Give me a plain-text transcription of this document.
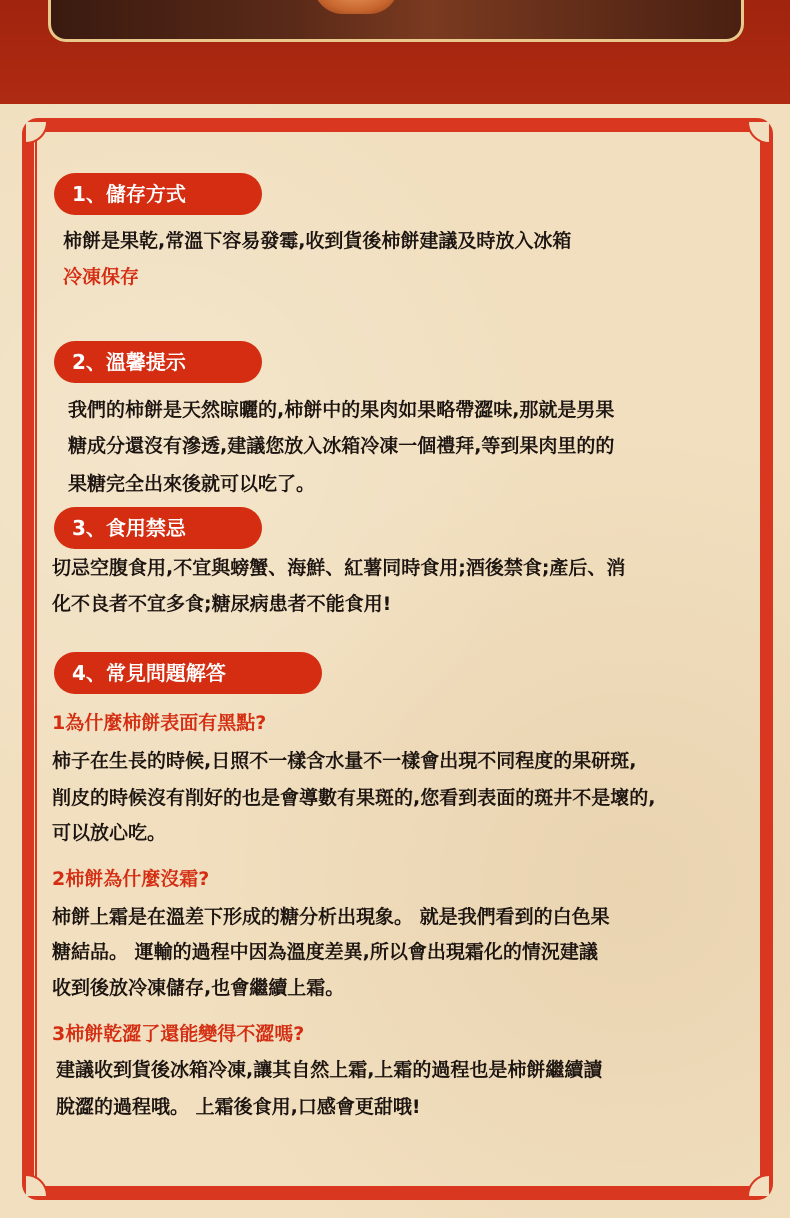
1、儲存方式
柿餅是果乾,常溫下容易發霉,收到貨後柿餅建議及時放入冰箱
冷凍保存
2、溫馨提示
我們的柿餅是天然晾曬的,柿餅中的果肉如果略帶澀味,那就是男果
糖成分還沒有滲透,建議您放入冰箱冷凍一個禮拜,等到果肉里的的
果糖完全出來後就可以吃了。
3、食用禁忌
切忌空腹食用,不宜與螃蟹、海鮮、紅薯同時食用;酒後禁食;產后、消
化不良者不宜多食;糖尿病患者不能食用!
4、常見問題解答
1為什麼柿餅表面有黑點?
柿子在生長的時候,日照不一樣含水量不一樣會出現不同程度的果研斑,
削皮的時候沒有削好的也是會導數有果斑的,您看到表面的斑井不是壞的,
可以放心吃。
2柿餅為什麼沒霜?
柿餅上霜是在溫差下形成的糖分析出現象。 就是我們看到的白色果
糖結品。 運輸的過程中因為溫度差異,所以會出現霜化的情況建議
收到後放冷凍儲存,也會繼續上霜。
3柿餅乾澀了還能變得不澀嗎?
建議收到貨後冰箱冷凍,讓其自然上霜,上霜的過程也是柿餅繼續讀
脫澀的過程哦。 上霜後食用,口感會更甜哦!
